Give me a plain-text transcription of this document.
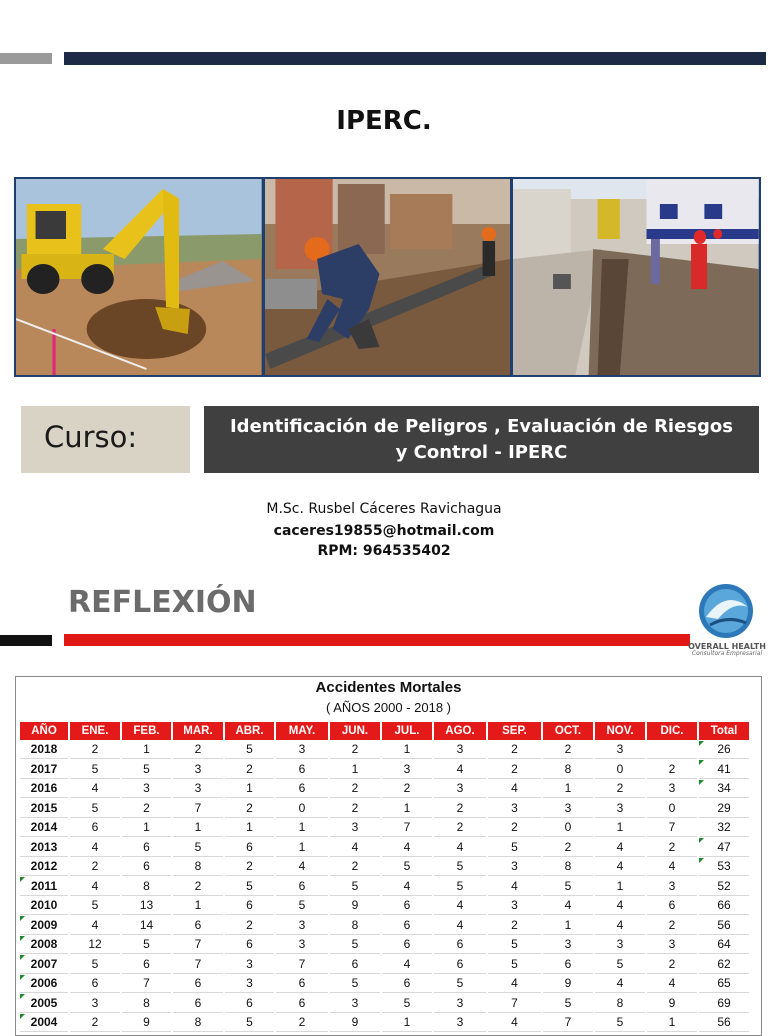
IPERC.
Curso:	Identificación de Peligros , Evaluación de Riesgos
y Control - IPERC
M.Sc. Rusbel Cáceres Ravichagua
caceres19855@hotmail.com
RPM: 964535402
REFLEXIÓN
OVERALL HEALTH
Consultora Empresarial
Accidentes Mortales
( AÑOS 2000 - 2018 )
AÑO	ENE.	FEB.	MAR.	ABR.	MAY.	JUN.	JUL.	AGO.	SEP.	OCT.	NOV.	DIC.	Total
2018	2	1	2	5	3	2	1	3	2	2	3		26
2017	5	5	3	2	6	1	3	4	2	8	0	2	41
2016	4	3	3	1	6	2	2	3	4	1	2	3	34
2015	5	2	7	2	0	2	1	2	3	3	3	0	29
2014	6	1	1	1	1	3	7	2	2	0	1	7	32
2013	4	6	5	6	1	4	4	4	5	2	4	2	47
2012	2	6	8	2	4	2	5	5	3	8	4	4	53
2011	4	8	2	5	6	5	4	5	4	5	1	3	52
2010	5	13	1	6	5	9	6	4	3	4	4	6	66
2009	4	14	6	2	3	8	6	4	2	1	4	2	56
2008	12	5	7	6	3	5	6	6	5	3	3	3	64
2007	5	6	7	3	7	6	4	6	5	6	5	2	62
2006	6	7	6	3	6	5	6	5	4	9	4	4	65
2005	3	8	6	6	6	3	5	3	7	5	8	9	69
2004	2	9	8	5	2	9	1	3	4	7	5	1	56
